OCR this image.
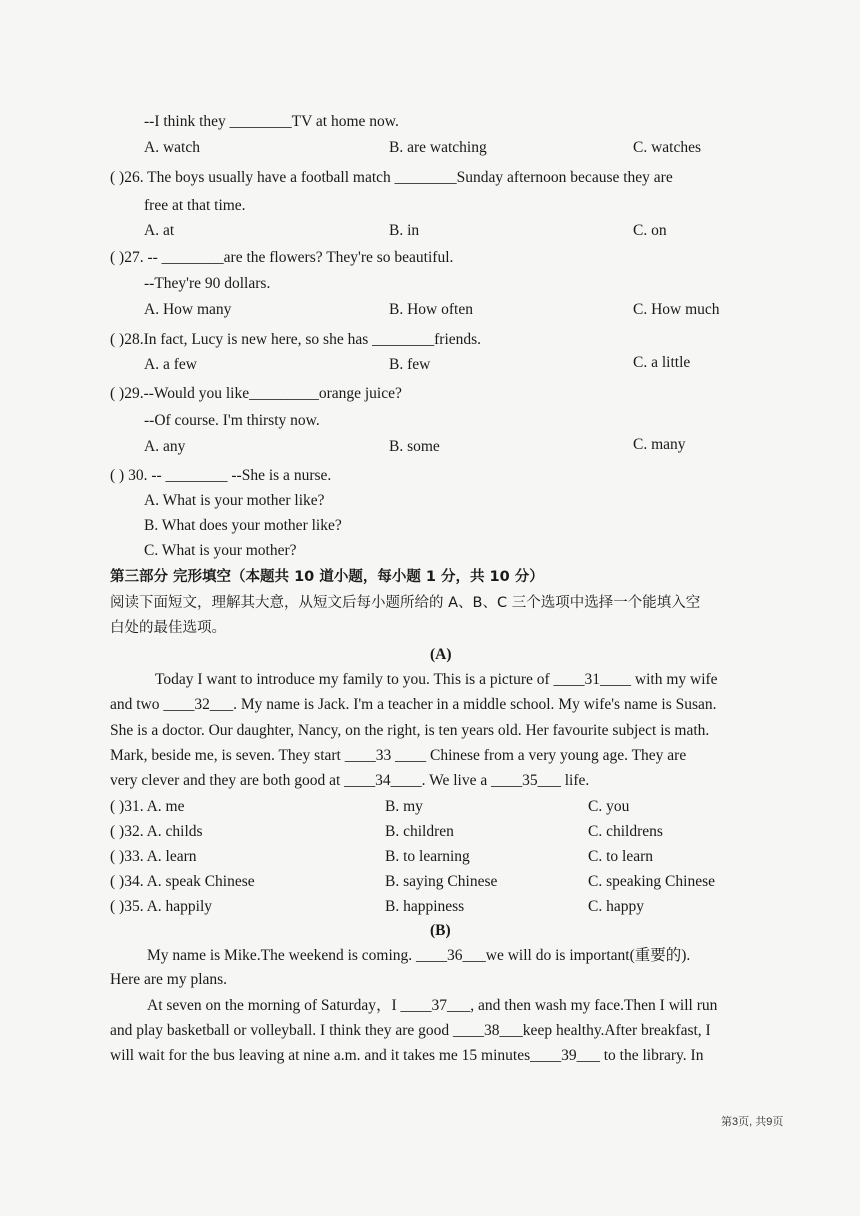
--I think they ________TV at home now.
A. watch	B. are watching	C. watches
( )26. The boys usually have a football match ________Sunday afternoon because they are
free at that time.
A. at	B. in	C. on
( )27. -- ________are the flowers? They're so beautiful.
--They're 90 dollars.
A. How many	B. How often	C. How much
( )28.In fact, Lucy is new here, so she has ________friends.
A. a few	B. few	C. a little
( )29.--Would you like_________orange juice?
--Of course. I'm thirsty now.
A. any	B. some	C. many
( ) 30. -- ________ --She is a nurse.
A. What is your mother like?
B. What does your mother like?
C. What is your mother?
第三部分 完形填空（本题共 10 道小题，每小题 1 分，共 10 分）
阅读下面短文，理解其大意，从短文后每小题所给的 A、B、C 三个选项中选择一个能填入空
白处的最佳选项。
(A)
Today I want to introduce my family to you. This is a picture of ____31____ with my wife
and two ____32___. My name is Jack. I'm a teacher in a middle school. My wife's name is Susan.
She is a doctor. Our daughter, Nancy, on the right, is ten years old. Her favourite subject is math.
Mark, beside me, is seven. They start ____33 ____ Chinese from a very young age. They are
very clever and they are both good at ____34____. We live a ____35___ life.
( )31. A. me	B. my	C. you
( )32. A. childs	B. children	C. childrens
( )33. A. learn	B. to learning	C. to learn
( )34. A. speak Chinese	B. saying Chinese	C. speaking Chinese
( )35. A. happily	B. happiness	C. happy
(B)
My name is Mike.The weekend is coming. ____36___we will do is important(重要的).
Here are my plans.
At seven on the morning of Saturday，I ____37___, and then wash my face.Then I will run
and play basketball or volleyball. I think they are good ____38___keep healthy.After breakfast, I
will wait for the bus leaving at nine a.m. and it takes me 15 minutes____39___ to the library. In
第3页, 共9页
